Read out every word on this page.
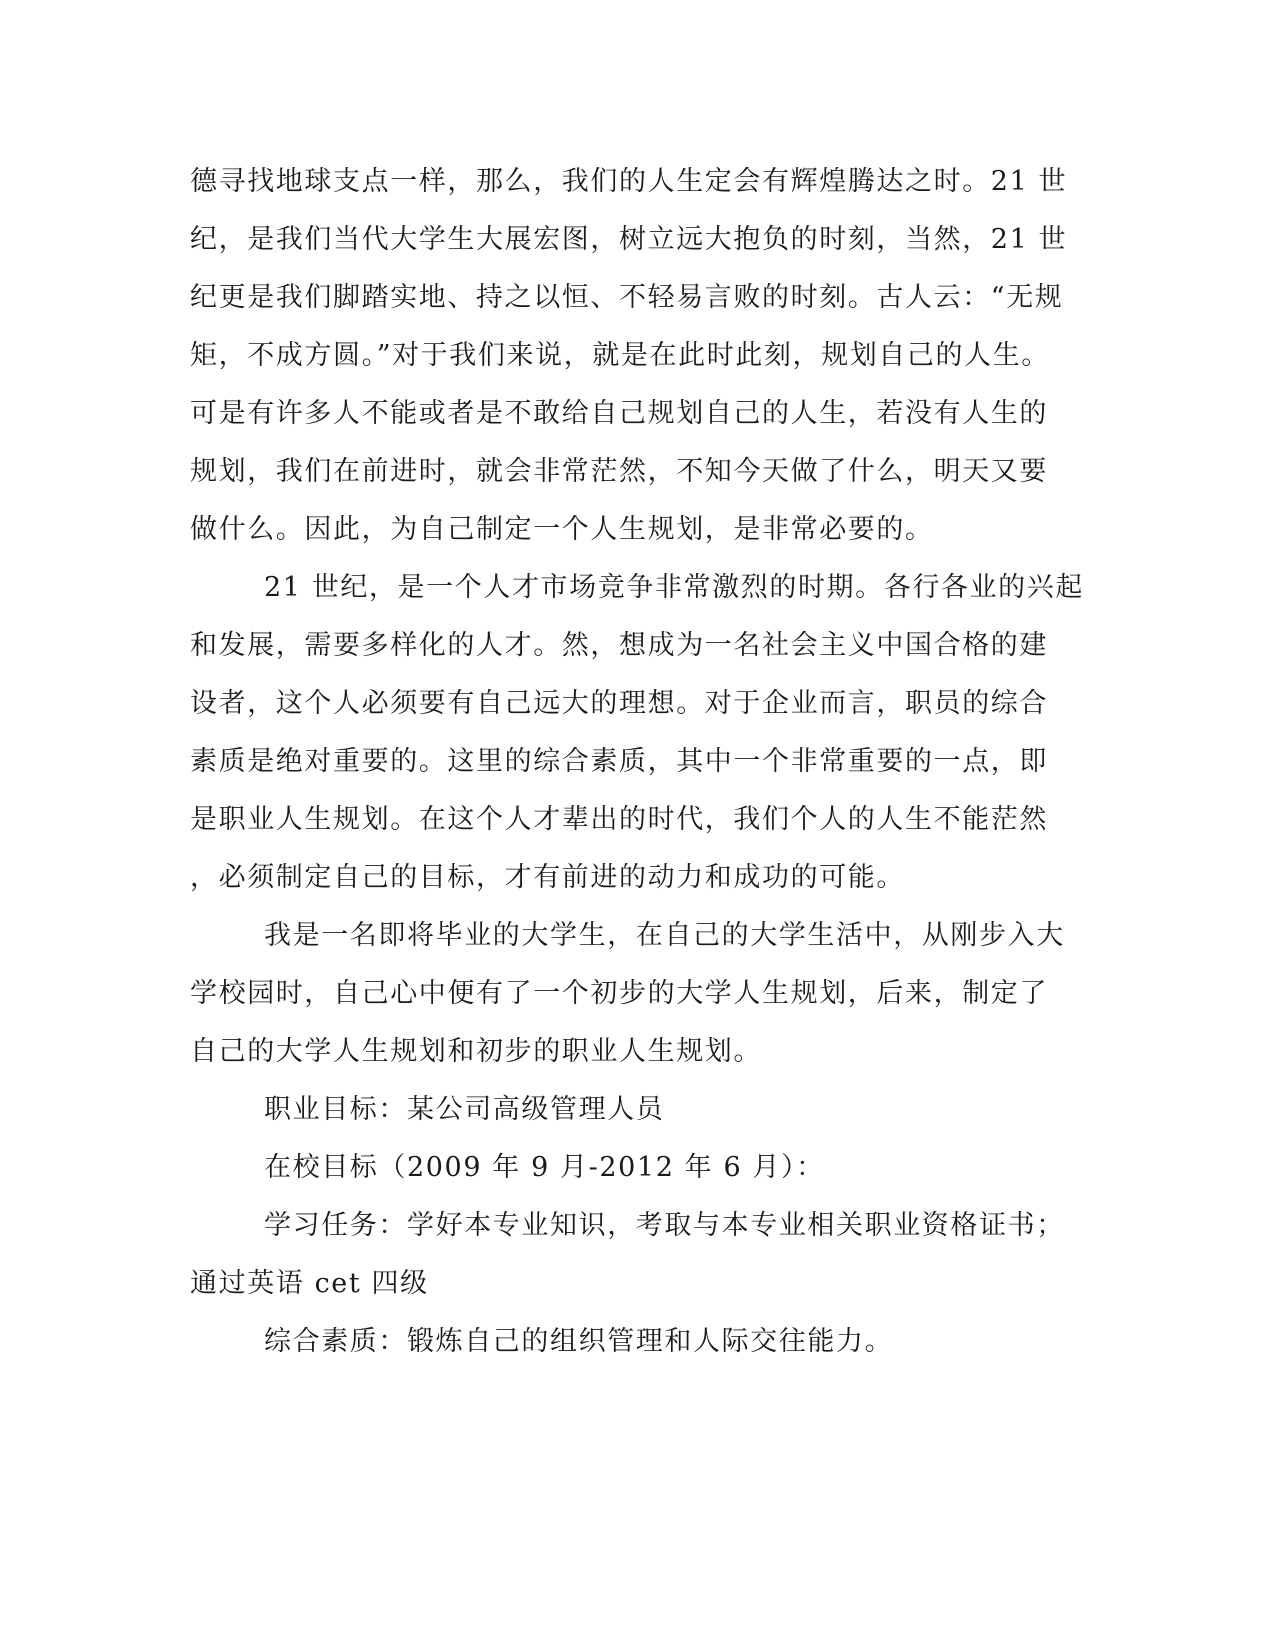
德寻找地球支点一样，那么，我们的人生定会有辉煌腾达之时。21 世
纪，是我们当代大学生大展宏图，树立远大抱负的时刻，当然，21 世
纪更是我们脚踏实地、持之以恒、不轻易言败的时刻。古人云：“无规
矩，不成方圆。”对于我们来说，就是在此时此刻，规划自己的人生。
可是有许多人不能或者是不敢给自己规划自己的人生，若没有人生的
规划，我们在前进时，就会非常茫然，不知今天做了什么，明天又要
做什么。因此，为自己制定一个人生规划，是非常必要的。
21 世纪，是一个人才市场竞争非常激烈的时期。各行各业的兴起
和发展，需要多样化的人才。然，想成为一名社会主义中国合格的建
设者，这个人必须要有自己远大的理想。对于企业而言，职员的综合
素质是绝对重要的。这里的综合素质，其中一个非常重要的一点，即
是职业人生规划。在这个人才辈出的时代，我们个人的人生不能茫然
，必须制定自己的目标，才有前进的动力和成功的可能。
我是一名即将毕业的大学生，在自己的大学生活中，从刚步入大
学校园时，自己心中便有了一个初步的大学人生规划，后来，制定了
自己的大学人生规划和初步的职业人生规划。
职业目标：某公司高级管理人员
在校目标（2009 年 9 月-2012 年 6 月）：
学习任务：学好本专业知识，考取与本专业相关职业资格证书；
通过英语 cet 四级
综合素质：锻炼自己的组织管理和人际交往能力。
